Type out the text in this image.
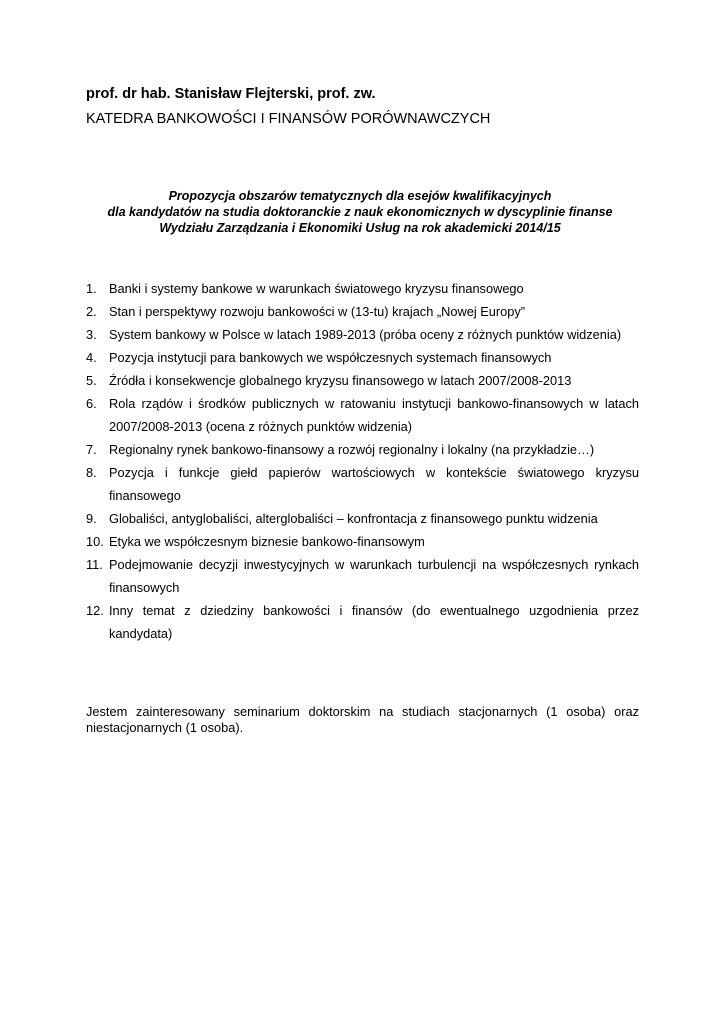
prof. dr hab. Stanisław Flejterski, prof. zw.
KATEDRA BANKOWOŚCI I FINANSÓW PORÓWNAWCZYCH
Propozycja obszarów tematycznych dla esejów kwalifikacyjnych
dla kandydatów na studia doktoranckie z nauk ekonomicznych w dyscyplinie finanse
Wydziału Zarządzania i Ekonomiki Usług na rok akademicki 2014/15
1. Banki i systemy bankowe w warunkach światowego kryzysu finansowego
2. Stan i perspektywy rozwoju bankowości w (13-tu) krajach „Nowej Europy”
3. System bankowy w Polsce w latach 1989-2013 (próba oceny z różnych punktów widzenia)
4. Pozycja instytucji para bankowych we współczesnych systemach finansowych
5. Źródła i konsekwencje globalnego kryzysu finansowego w latach 2007/2008-2013
6. Rola rządów i środków publicznych w ratowaniu instytucji bankowo-finansowych w latach 2007/2008-2013 (ocena z różnych punktów widzenia)
7. Regionalny rynek bankowo-finansowy a rozwój regionalny i lokalny (na przykładzie…)
8. Pozycja i funkcje giełd papierów wartościowych w kontekście światowego kryzysu finansowego
9. Globaliści, antyglobaliści, alterglobaliści – konfrontacja z finansowego punktu widzenia
10. Etyka we współczesnym biznesie bankowo-finansowym
11. Podejmowanie decyzji inwestycyjnych w warunkach turbulencji na współczesnych rynkach finansowych
12. Inny temat z dziedziny bankowości i finansów (do ewentualnego uzgodnienia przez kandydata)
Jestem zainteresowany seminarium doktorskim na studiach stacjonarnych (1 osoba) oraz niestacjonarnych (1 osoba).
